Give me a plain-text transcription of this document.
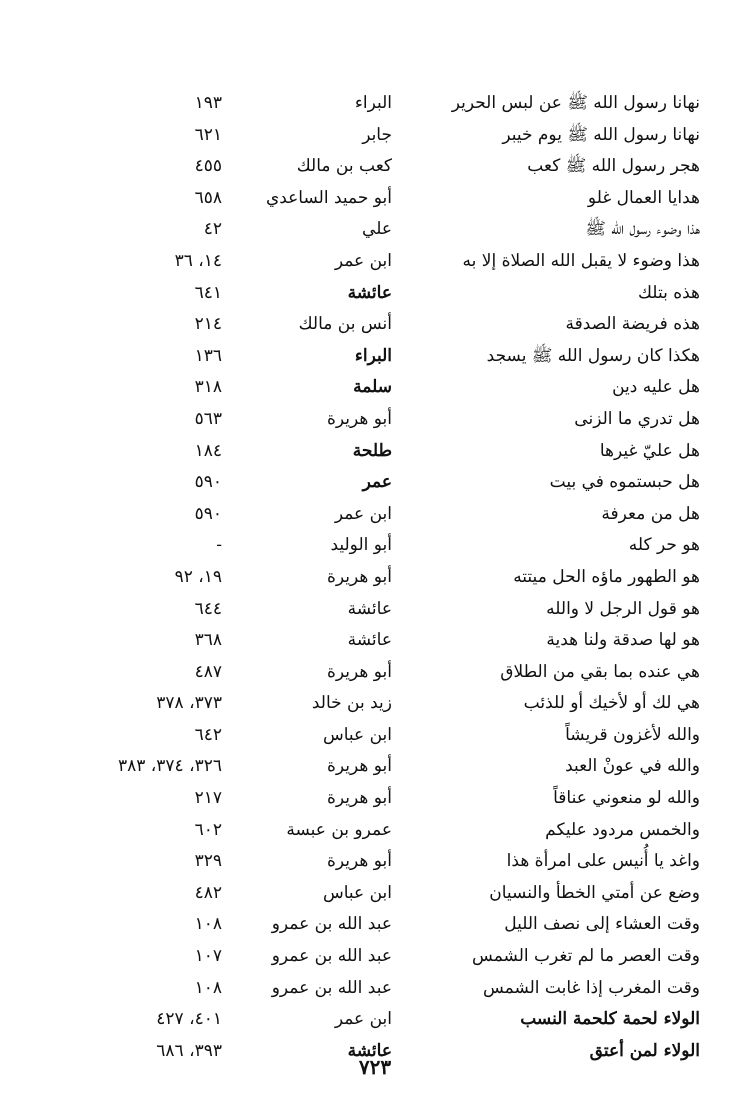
نهانا رسول الله ﷺ عن لبس الحرير
البراء
١٩٣
نهانا رسول الله ﷺ يوم خيبر
جابر
٦٢١
هجر رسول الله ﷺ كعب
كعب بن مالك
٤٥٥
هدايا العمال غلو
أبو حميد الساعدي
٦٥٨
هذا وضوء رسول الله ﷺ
علي
٤٢
هذا وضوء لا يقبل الله الصلاة إلا به
ابن عمر
١٤، ٣٦
هذه بتلك
عائشة
٦٤١
هذه فريضة الصدقة
أنس بن مالك
٢١٤
هكذا كان رسول الله ﷺ يسجد
البراء
١٣٦
هل عليه دين
سلمة
٣١٨
هل تدري ما الزنى
أبو هريرة
٥٦٣
هل عليّ غيرها
طلحة
١٨٤
هل حبستموه في بيت
عمر
٥٩٠
هل من معرفة
ابن عمر
٥٩٠
هو حر كله
أبو الوليد
-
هو الطهور ماؤه الحل ميتته
أبو هريرة
١٩، ٩٢
هو قول الرجل لا والله
عائشة
٦٤٤
هو لها صدقة ولنا هدية
عائشة
٣٦٨
هي عنده بما بقي من الطلاق
أبو هريرة
٤٨٧
هي لك أو لأخيك أو للذئب
زيد بن خالد
٣٧٣، ٣٧٨
والله لأغزون قريشاً
ابن عباس
٦٤٢
والله في عونْ العبد
أبو هريرة
٣٢٦، ٣٧٤، ٣٨٣
والله لو منعوني عناقاً
أبو هريرة
٢١٧
والخمس مردود عليكم
عمرو بن عبسة
٦٠٢
واغد يا أُنيس على امرأة هذا
أبو هريرة
٣٢٩
وضع عن أمتي الخطأ والنسيان
ابن عباس
٤٨٢
وقت العشاء إلى نصف الليل
عبد الله بن عمرو
١٠٨
وقت العصر ما لم تغرب الشمس
عبد الله بن عمرو
١٠٧
وقت المغرب إذا غابت الشمس
عبد الله بن عمرو
١٠٨
الولاء لحمة كلحمة النسب
ابن عمر
٤٠١، ٤٢٧
الولاء لمن أعتق
عائشة
٣٩٣، ٦٨٦
٧٢٣
